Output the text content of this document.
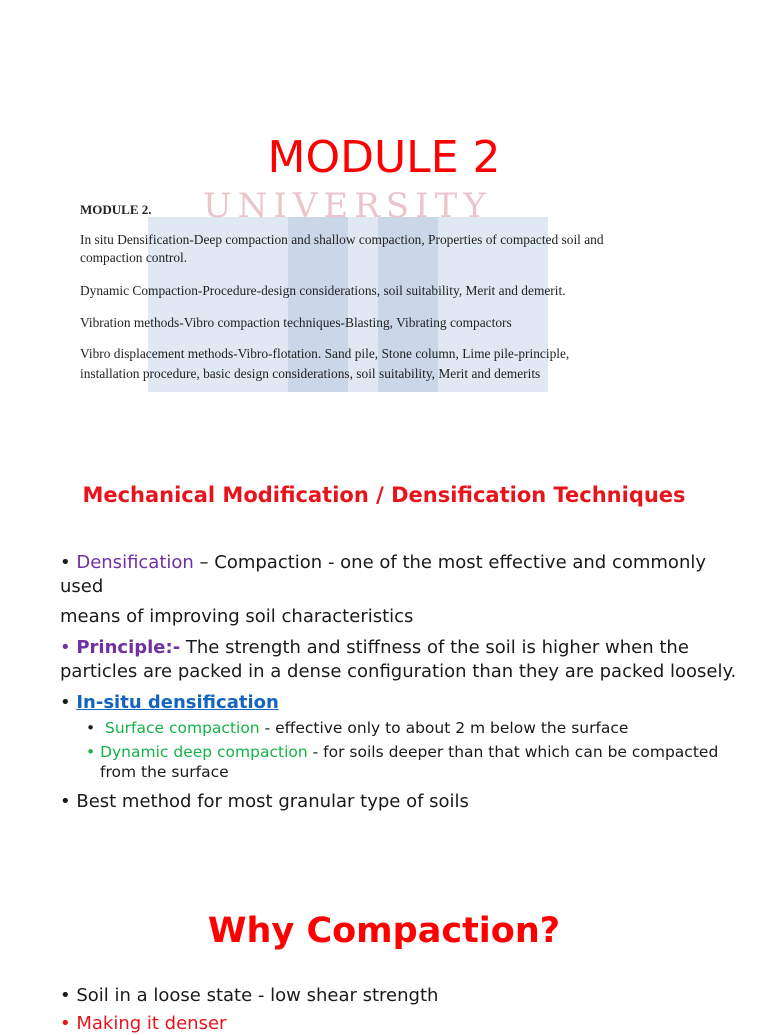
MODULE 2
UNIVERSITY
MODULE 2.
In situ Densification-Deep compaction and shallow compaction, Properties of compacted soil and
compaction control.
Dynamic Compaction-Procedure-design considerations, soil suitability, Merit and demerit.
Vibration methods-Vibro compaction techniques-Blasting, Vibrating compactors
Vibro displacement methods-Vibro-flotation. Sand pile, Stone column, Lime pile-principle,
installation procedure, basic design considerations, soil suitability, Merit and demerits
Mechanical Modification / Densification Techniques
• Densification – Compaction - one of the most effective and commonly
used
means of improving soil characteristics
• Principle:- The strength and stiffness of the soil is higher when the
particles are packed in a dense configuration than they are packed loosely.
• In-situ densification
•  Surface compaction - effective only to about 2 m below the surface
• Dynamic deep compaction - for soils deeper than that which can be compacted
from the surface
• Best method for most granular type of soils
Why Compaction?
• Soil in a loose state - low shear strength
• Making it denser
